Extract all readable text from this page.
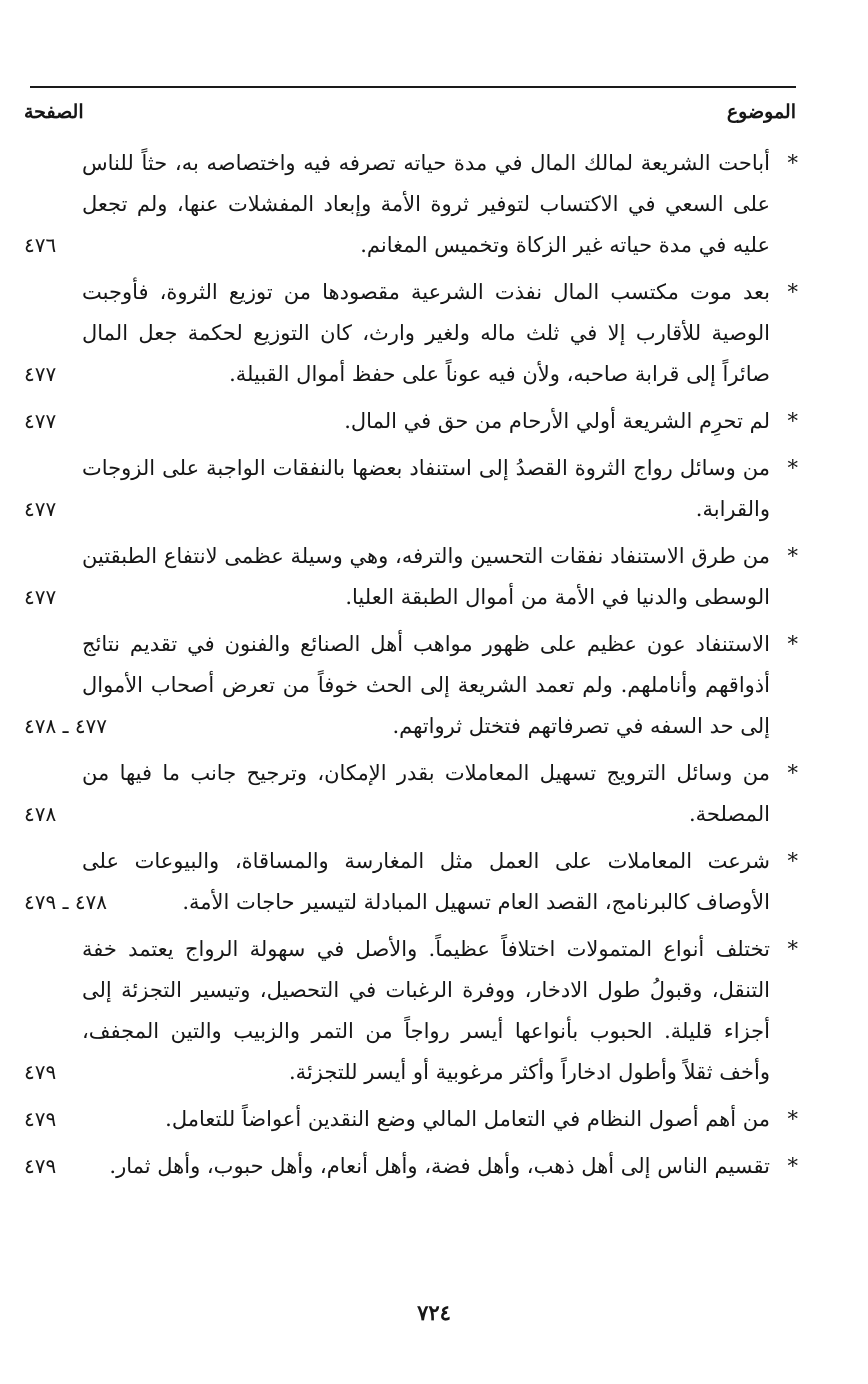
الموضوع
الصفحة
*
أباحت الشريعة لمالك المال في مدة حياته تصرفه فيه واختصاصه به، حثاً للناس على السعي في الاكتساب لتوفير ثروة الأمة وإبعاد المفشلات عنها، ولم تجعل عليه في مدة حياته غير الزكاة وتخميس المغانم.
٤٧٦
*
بعد موت مكتسب المال نفذت الشرعية مقصودها من توزيع الثروة، فأوجبت الوصية للأقارب إلا في ثلث ماله ولغير وارث، كان التوزيع لحكمة جعل المال صائراً إلى قرابة صاحبه، ولأن فيه عوناً على حفظ أموال القبيلة.
٤٧٧
*
لم تحرِم الشريعة أولي الأرحام من حق في المال.
٤٧٧
*
من وسائل رواج الثروة القصدُ إلى استنفاد بعضها بالنفقات الواجبة على الزوجات والقرابة.
٤٧٧
*
من طرق الاستنفاد نفقات التحسين والترفه، وهي وسيلة عظمى لانتفاع الطبقتين الوسطى والدنيا في الأمة من أموال الطبقة العليا.
٤٧٧
*
الاستنفاد عون عظيم على ظهور مواهب أهل الصنائع والفنون في تقديم نتائج أذواقهم وأناملهم. ولم تعمد الشريعة إلى الحث خوفاً من تعرض أصحاب الأموال إلى حد السفه في تصرفاتهم فتختل ثرواتهم.
٤٧٧ ـ ٤٧٨
*
من وسائل الترويج تسهيل المعاملات بقدر الإمكان، وترجيح جانب ما فيها من المصلحة.
٤٧٨
*
شرعت المعاملات على العمل مثل المغارسة والمساقاة، والبيوعات على الأوصاف كالبرنامج، القصد العام تسهيل المبادلة لتيسير حاجات الأمة.
٤٧٨ ـ ٤٧٩
*
تختلف أنواع المتمولات اختلافاً عظيماً. والأصل في سهولة الرواج يعتمد خفة التنقل، وقبولُ طول الادخار، ووفرة الرغبات في التحصيل، وتيسير التجزئة إلى أجزاء قليلة. الحبوب بأنواعها أيسر رواجاً من التمر والزبيب والتين المجفف، وأخف ثقلاً وأطول ادخاراً وأكثر مرغوبية أو أيسر للتجزئة.
٤٧٩
*
من أهم أصول النظام في التعامل المالي وضع النقدين أعواضاً للتعامل.
٤٧٩
*
تقسيم الناس إلى أهل ذهب، وأهل فضة، وأهل أنعام، وأهل حبوب، وأهل ثمار.
٤٧٩
٧٢٤
